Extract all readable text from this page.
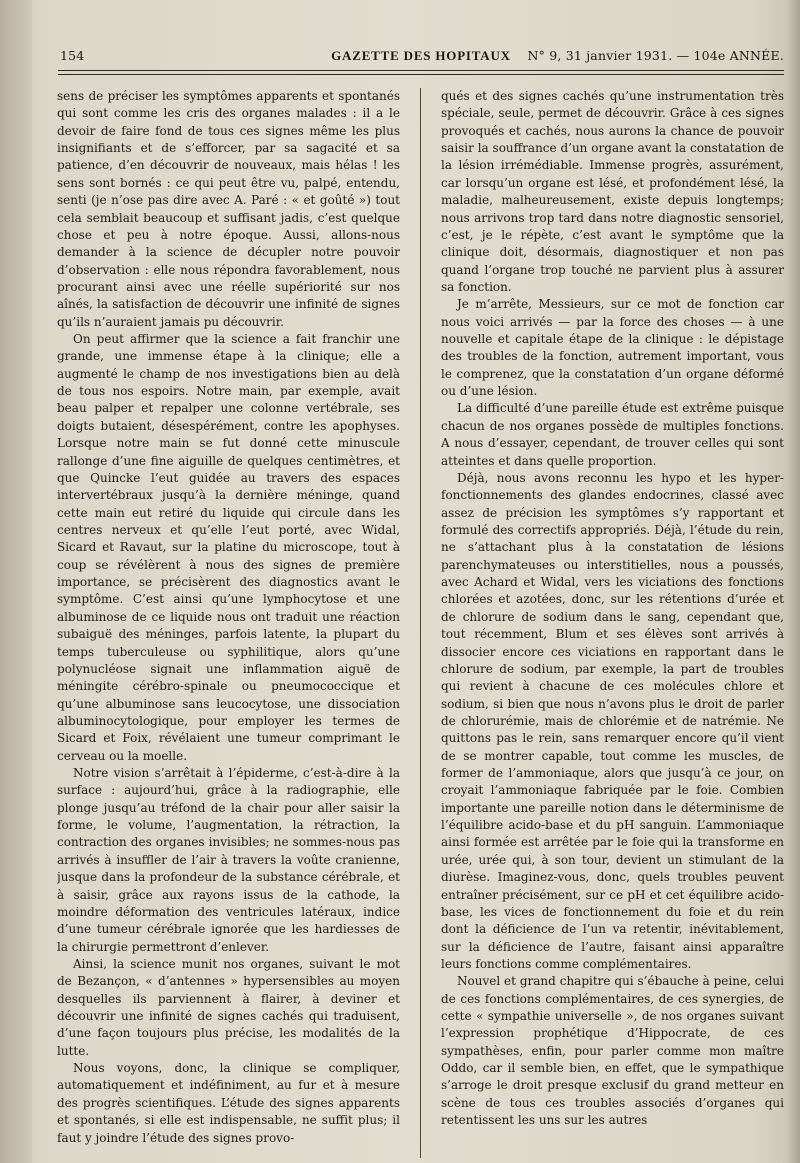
154	GAZETTE DES HOPITAUX	N° 9, 31 janvier 1931. — 104e ANNÉE.

sens de préciser les symptômes apparents et spontanés qui sont comme les cris des organes malades : il a le devoir de faire fond de tous ces signes même les plus insignifiants et de s’efforcer, par sa sagacité et sa patience, d’en découvrir de nouveaux, mais hélas ! les sens sont bornés : ce qui peut être vu, palpé, entendu, senti (je n’ose pas dire avec A. Paré : « et goûté ») tout cela semblait beaucoup et suffisant jadis, c’est quelque chose et peu à notre époque. Aussi, allons-nous demander à la science de décupler notre pouvoir d’observation : elle nous répondra favorablement, nous procurant ainsi avec une réelle supériorité sur nos aînés, la satisfaction de découvrir une infinité de signes qu’ils n’auraient jamais pu découvrir.

On peut affirmer que la science a fait franchir une grande, une immense étape à la clinique; elle a augmenté le champ de nos investigations bien au delà de tous nos espoirs. Notre main, par exemple, avait beau palper et repalper une colonne vertébrale, ses doigts butaient, désespérément, contre les apophyses. Lorsque notre main se fut donné cette minuscule rallonge d’une fine aiguille de quelques centimètres, et que Quincke l’eut guidée au travers des espaces intervertébraux jusqu’à la dernière méninge, quand cette main eut retiré du liquide qui circule dans les centres nerveux et qu’elle l’eut porté, avec Widal, Sicard et Ravaut, sur la platine du microscope, tout à coup se révélèrent à nous des signes de première importance, se précisèrent des diagnostics avant le symptôme. C’est ainsi qu’une lymphocytose et une albuminose de ce liquide nous ont traduit une réaction subaiguë des méninges, parfois latente, la plupart du temps tuberculeuse ou syphilitique, alors qu’une polynucléose signait une inflammation aiguë de méningite cérébro-spinale ou pneumococcique et qu’une albuminose sans leucocytose, une dissociation albuminocytologique, pour employer les termes de Sicard et Foix, révélaient une tumeur comprimant le cerveau ou la moelle.

Notre vision s’arrêtait à l’épiderme, c’est-à-dire à la surface : aujourd’hui, grâce à la radiographie, elle plonge jusqu’au tréfond de la chair pour aller saisir la forme, le volume, l’augmentation, la rétraction, la contraction des organes invisibles; ne sommes-nous pas arrivés à insuffler de l’air à travers la voûte cranienne, jusque dans la profondeur de la substance cérébrale, et à saisir, grâce aux rayons issus de la cathode, la moindre déformation des ventricules latéraux, indice d’une tumeur cérébrale ignorée que les hardiesses de la chirurgie permettront d’enlever.

Ainsi, la science munit nos organes, suivant le mot de Bezançon, « d’antennes » hypersensibles au moyen desquelles ils parviennent à flairer, à deviner et découvrir une infinité de signes cachés qui traduisent, d’une façon toujours plus précise, les modalités de la lutte.

Nous voyons, donc, la clinique se compliquer, automatiquement et indéfiniment, au fur et à mesure des progrès scientifiques. L’étude des signes apparents et spontanés, si elle est indispensable, ne suffit plus; il faut y joindre l’étude des signes provo-

qués et des signes cachés qu’une instrumentation très spéciale, seule, permet de découvrir. Grâce à ces signes provoqués et cachés, nous aurons la chance de pouvoir saisir la souffrance d’un organe avant la constatation de la lésion irrémédiable. Immense progrès, assurément, car lorsqu’un organe est lésé, et profondément lésé, la maladie, malheureusement, existe depuis longtemps; nous arrivons trop tard dans notre diagnostic sensoriel, c’est, je le répète, c’est avant le symptôme que la clinique doit, désormais, diagnostiquer et non pas quand l’organe trop touché ne parvient plus à assurer sa fonction.

Je m’arrête, Messieurs, sur ce mot de fonction car nous voici arrivés — par la force des choses — à une nouvelle et capitale étape de la clinique : le dépistage des troubles de la fonction, autrement important, vous le comprenez, que la constatation d’un organe déformé ou d’une lésion.

La difficulté d’une pareille étude est extrême puisque chacun de nos organes possède de multiples fonctions. A nous d’essayer, cependant, de trouver celles qui sont atteintes et dans quelle proportion.

Déjà, nous avons reconnu les hypo et les hyper-fonctionnements des glandes endocrines, classé avec assez de précision les symptômes s’y rapportant et formulé des correctifs appropriés. Déjà, l’étude du rein, ne s’attachant plus à la constatation de lésions parenchymateuses ou interstitielles, nous a poussés, avec Achard et Widal, vers les viciations des fonctions chlorées et azotées, donc, sur les rétentions d’urée et de chlorure de sodium dans le sang, cependant que, tout récemment, Blum et ses élèves sont arrivés à dissocier encore ces viciations en rapportant dans le chlorure de sodium, par exemple, la part de troubles qui revient à chacune de ces molécules chlore et sodium, si bien que nous n’avons plus le droit de parler de chlorurémie, mais de chlorémie et de natrémie. Ne quittons pas le rein, sans remarquer encore qu’il vient de se montrer capable, tout comme les muscles, de former de l’ammoniaque, alors que jusqu’à ce jour, on croyait l’ammoniaque fabriquée par le foie. Combien importante une pareille notion dans le déterminisme de l’équilibre acido-base et du pH sanguin. L’ammoniaque ainsi formée est arrêtée par le foie qui la transforme en urée, urée qui, à son tour, devient un stimulant de la diurèse. Imaginez-vous, donc, quels troubles peuvent entraîner précisément, sur ce pH et cet équilibre acido-base, les vices de fonctionnement du foie et du rein dont la déficience de l’un va retentir, inévitablement, sur la déficience de l’autre, faisant ainsi apparaître leurs fonctions comme complémentaires.

Nouvel et grand chapitre qui s’ébauche à peine, celui de ces fonctions complémentaires, de ces synergies, de cette « sympathie universelle », de nos organes suivant l’expression prophétique d’Hippocrate, de ces sympathèses, enfin, pour parler comme mon maître Oddo, car il semble bien, en effet, que le sympathique s’arroge le droit presque exclusif du grand metteur en scène de tous ces troubles associés d’organes qui retentissent les uns sur les autres
